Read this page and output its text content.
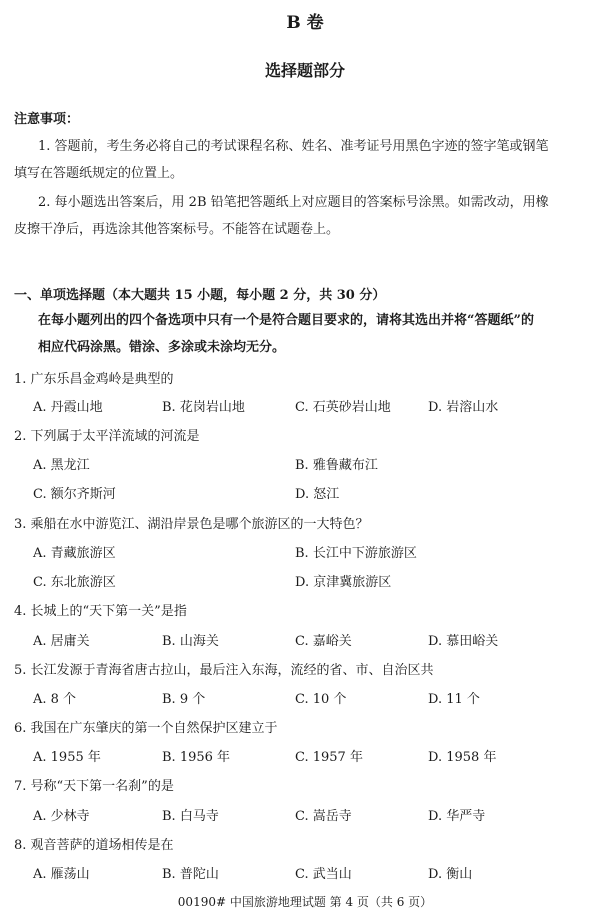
B 卷
选择题部分
注意事项：
1. 答题前，考生务必将自己的考试课程名称、姓名、准考证号用黑色字迹的签字笔或钢笔
填写在答题纸规定的位置上。
2. 每小题选出答案后，用 2B 铅笔把答题纸上对应题目的答案标号涂黑。如需改动，用橡
皮擦干净后，再选涂其他答案标号。不能答在试题卷上。
一、单项选择题（本大题共 15 小题，每小题 2 分，共 30 分）
在每小题列出的四个备选项中只有一个是符合题目要求的，请将其选出并将“答题纸”的
相应代码涂黑。错涂、多涂或未涂均无分。
1. 广东乐昌金鸡岭是典型的
A. 丹霞山地	B. 花岗岩山地	C. 石英砂岩山地	D. 岩溶山水
2. 下列属于太平洋流域的河流是
A. 黑龙江	B. 雅鲁藏布江
C. 额尔齐斯河	D. 怒江
3. 乘船在水中游览江、湖沿岸景色是哪个旅游区的一大特色？
A. 青藏旅游区	B. 长江中下游旅游区
C. 东北旅游区	D. 京津冀旅游区
4. 长城上的“天下第一关”是指
A. 居庸关	B. 山海关	C. 嘉峪关	D. 慕田峪关
5. 长江发源于青海省唐古拉山，最后注入东海，流经的省、市、自治区共
A. 8 个	B. 9 个	C. 10 个	D. 11 个
6. 我国在广东肇庆的第一个自然保护区建立于
A. 1955 年	B. 1956 年	C. 1957 年	D. 1958 年
7. 号称“天下第一名刹”的是
A. 少林寺	B. 白马寺	C. 嵩岳寺	D. 华严寺
8. 观音菩萨的道场相传是在
A. 雁荡山	B. 普陀山	C. 武当山	D. 衡山
00190# 中国旅游地理试题 第 4 页（共 6 页）
